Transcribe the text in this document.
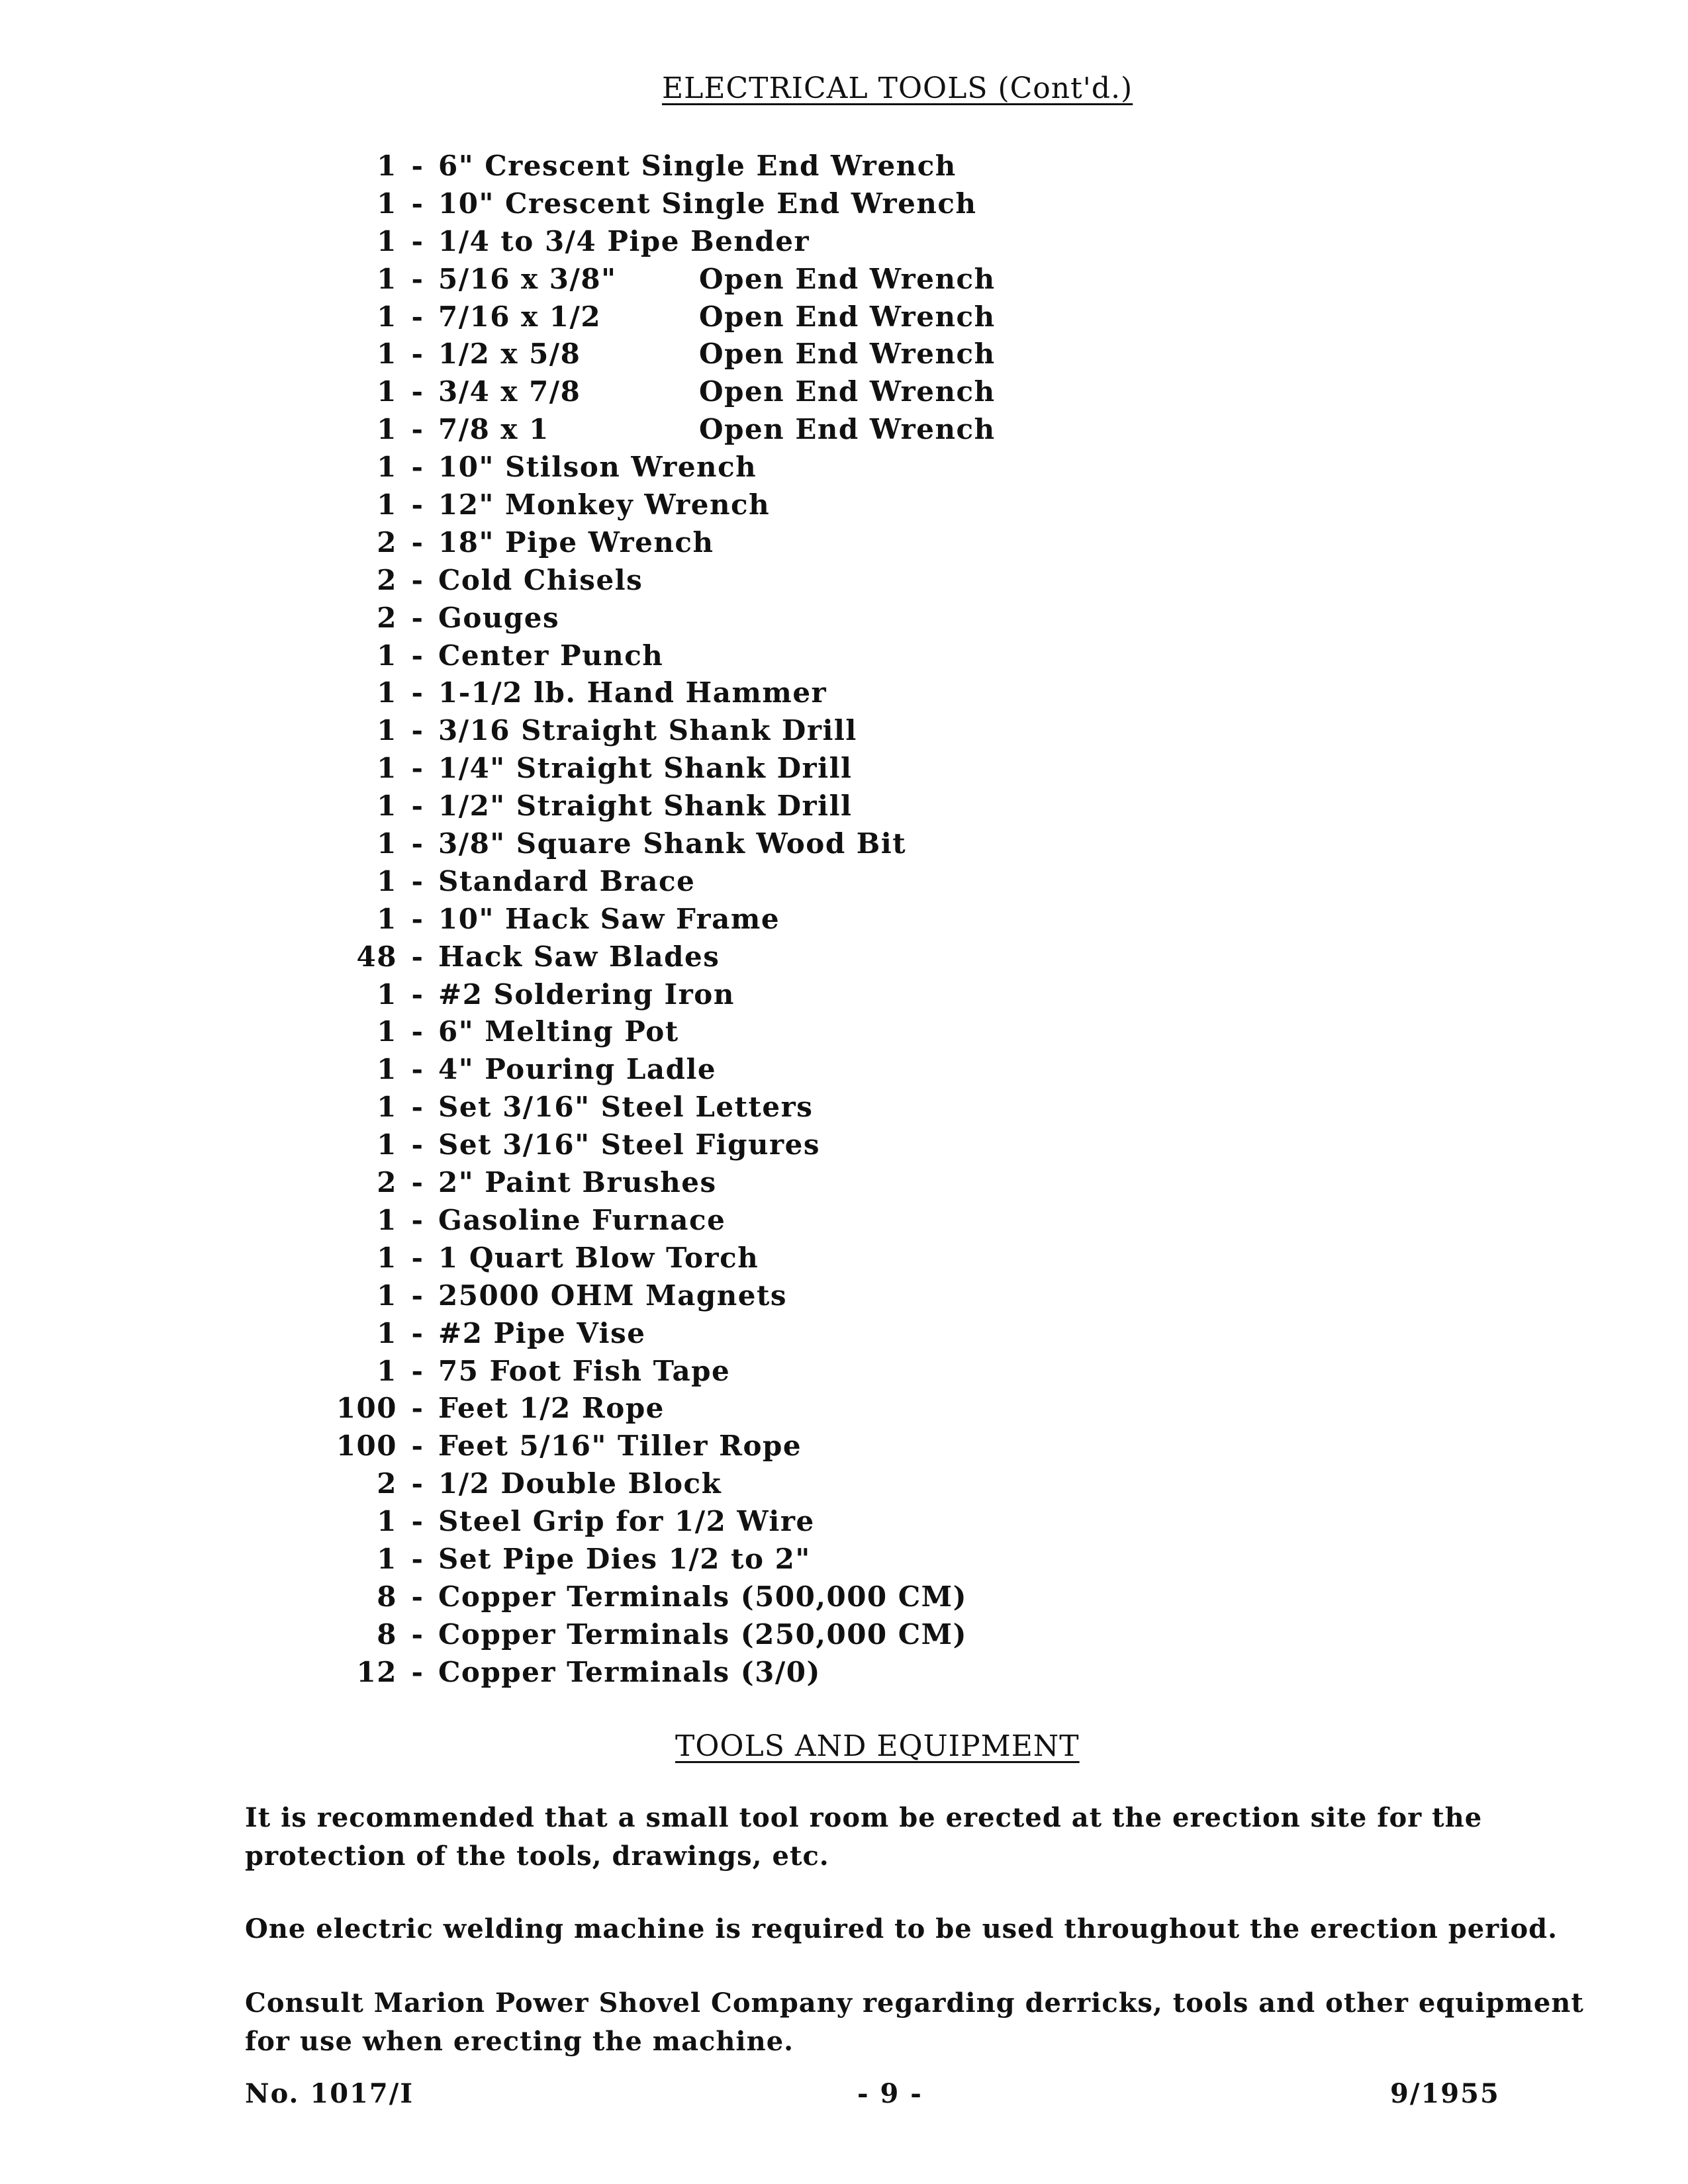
ELECTRICAL TOOLS (Cont'd.)
1 - 6" Crescent Single End Wrench
1 - 10" Crescent Single End Wrench
1 - 1/4 to 3/4 Pipe Bender
1 - 5/16 x 3/8"	Open End Wrench
1 - 7/16 x 1/2	Open End Wrench
1 - 1/2 x 5/8	Open End Wrench
1 - 3/4 x 7/8	Open End Wrench
1 - 7/8 x 1	Open End Wrench
1 - 10" Stilson Wrench
1 - 12" Monkey Wrench
2 - 18" Pipe Wrench
2 - Cold Chisels
2 - Gouges
1 - Center Punch
1 - 1-1/2 lb. Hand Hammer
1 - 3/16 Straight Shank Drill
1 - 1/4" Straight Shank Drill
1 - 1/2" Straight Shank Drill
1 - 3/8" Square Shank Wood Bit
1 - Standard Brace
1 - 10" Hack Saw Frame
48 - Hack Saw Blades
1 - #2 Soldering Iron
1 - 6" Melting Pot
1 - 4" Pouring Ladle
1 - Set 3/16" Steel Letters
1 - Set 3/16" Steel Figures
2 - 2" Paint Brushes
1 - Gasoline Furnace
1 - 1 Quart Blow Torch
1 - 25000 OHM Magnets
1 - #2 Pipe Vise
1 - 75 Foot Fish Tape
100 - Feet 1/2 Rope
100 - Feet 5/16" Tiller Rope
2 - 1/2 Double Block
1 - Steel Grip for 1/2 Wire
1 - Set Pipe Dies 1/2 to 2"
8 - Copper Terminals (500,000 CM)
8 - Copper Terminals (250,000 CM)
12 - Copper Terminals (3/0)
TOOLS AND EQUIPMENT

It is recommended that a small tool room be erected at the erection site for the protection of the tools, drawings, etc.

One electric welding machine is required to be used throughout the erection period.

Consult Marion Power Shovel Company regarding derricks, tools and other equipment for use when erecting the machine.

No. 1017/I	- 9 -	9/1955
